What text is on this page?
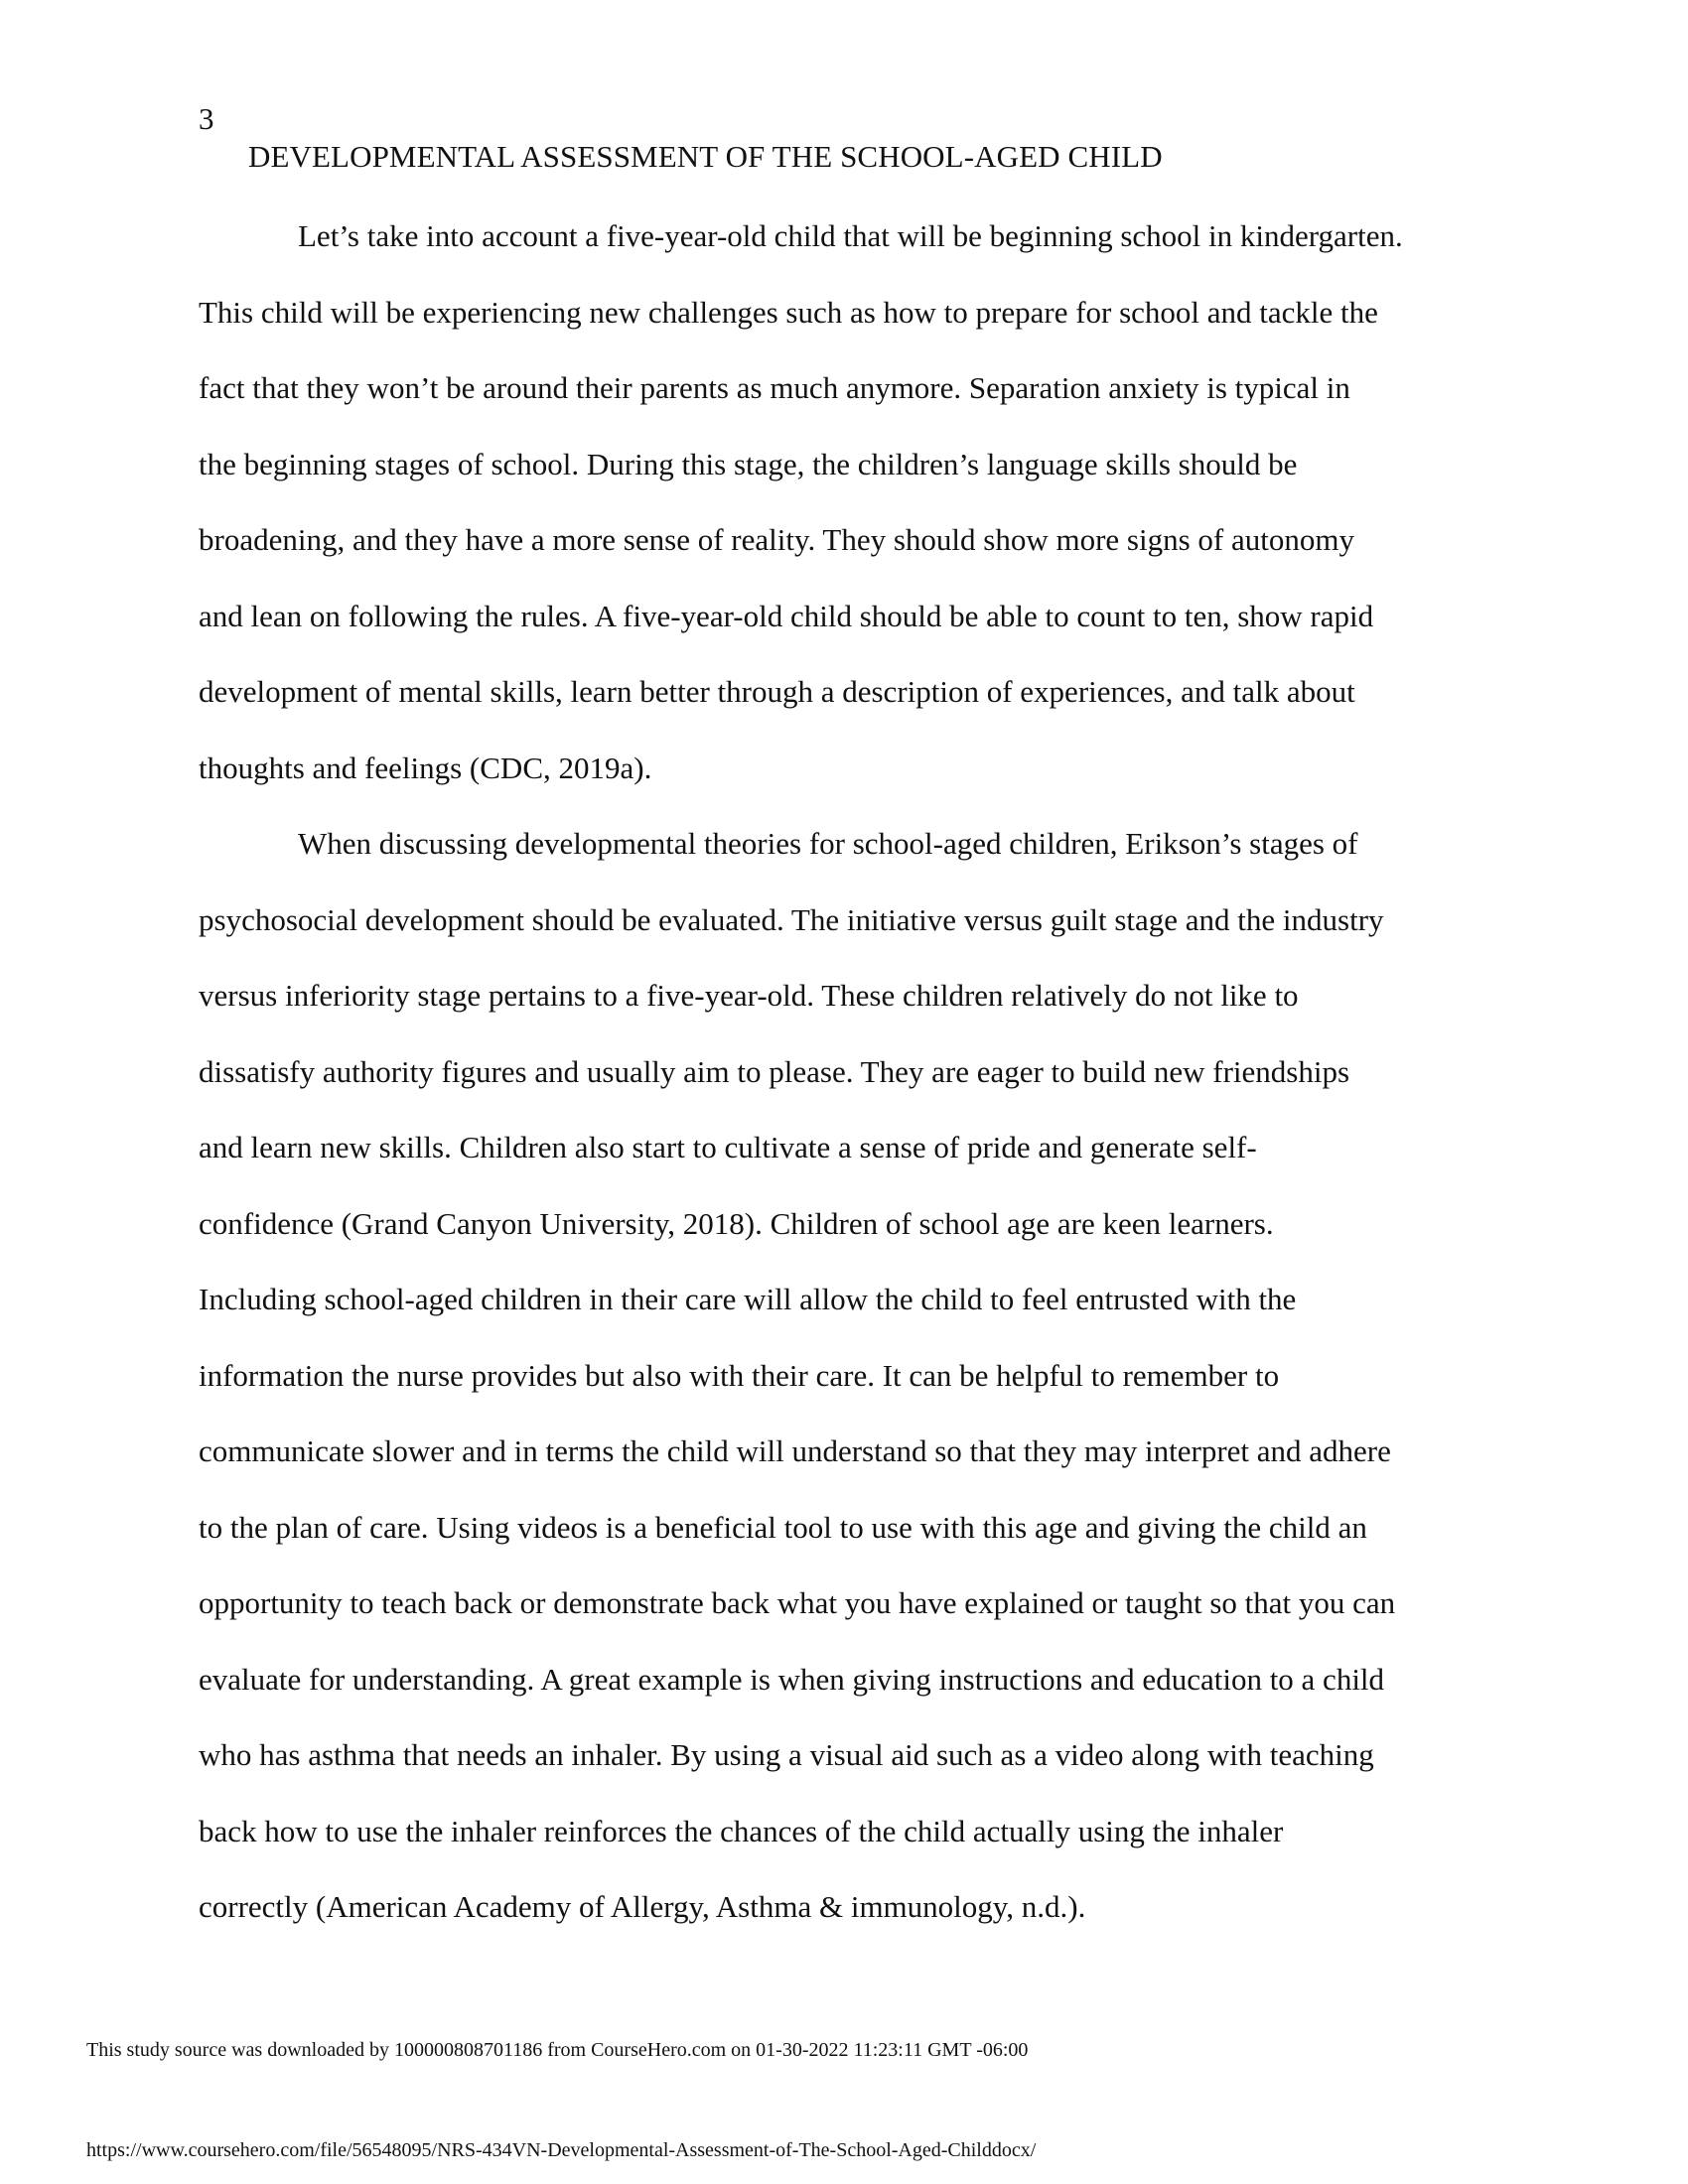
3
DEVELOPMENTAL ASSESSMENT OF THE SCHOOL-AGED CHILD

Let’s take into account a five-year-old child that will be beginning school in kindergarten.
This child will be experiencing new challenges such as how to prepare for school and tackle the
fact that they won’t be around their parents as much anymore. Separation anxiety is typical in
the beginning stages of school. During this stage, the children’s language skills should be
broadening, and they have a more sense of reality. They should show more signs of autonomy
and lean on following the rules. A five-year-old child should be able to count to ten, show rapid
development of mental skills, learn better through a description of experiences, and talk about
thoughts and feelings (CDC, 2019a).

When discussing developmental theories for school-aged children, Erikson’s stages of
psychosocial development should be evaluated. The initiative versus guilt stage and the industry
versus inferiority stage pertains to a five-year-old. These children relatively do not like to
dissatisfy authority figures and usually aim to please. They are eager to build new friendships
and learn new skills. Children also start to cultivate a sense of pride and generate self-
confidence (Grand Canyon University, 2018). Children of school age are keen learners.
Including school-aged children in their care will allow the child to feel entrusted with the
information the nurse provides but also with their care. It can be helpful to remember to
communicate slower and in terms the child will understand so that they may interpret and adhere
to the plan of care. Using videos is a beneficial tool to use with this age and giving the child an
opportunity to teach back or demonstrate back what you have explained or taught so that you can
evaluate for understanding. A great example is when giving instructions and education to a child
who has asthma that needs an inhaler. By using a visual aid such as a video along with teaching
back how to use the inhaler reinforces the chances of the child actually using the inhaler
correctly (American Academy of Allergy, Asthma & immunology, n.d.).

This study source was downloaded by 100000808701186 from CourseHero.com on 01-30-2022 11:23:11 GMT -06:00
https://www.coursehero.com/file/56548095/NRS-434VN-Developmental-Assessment-of-The-School-Aged-Childdocx/
